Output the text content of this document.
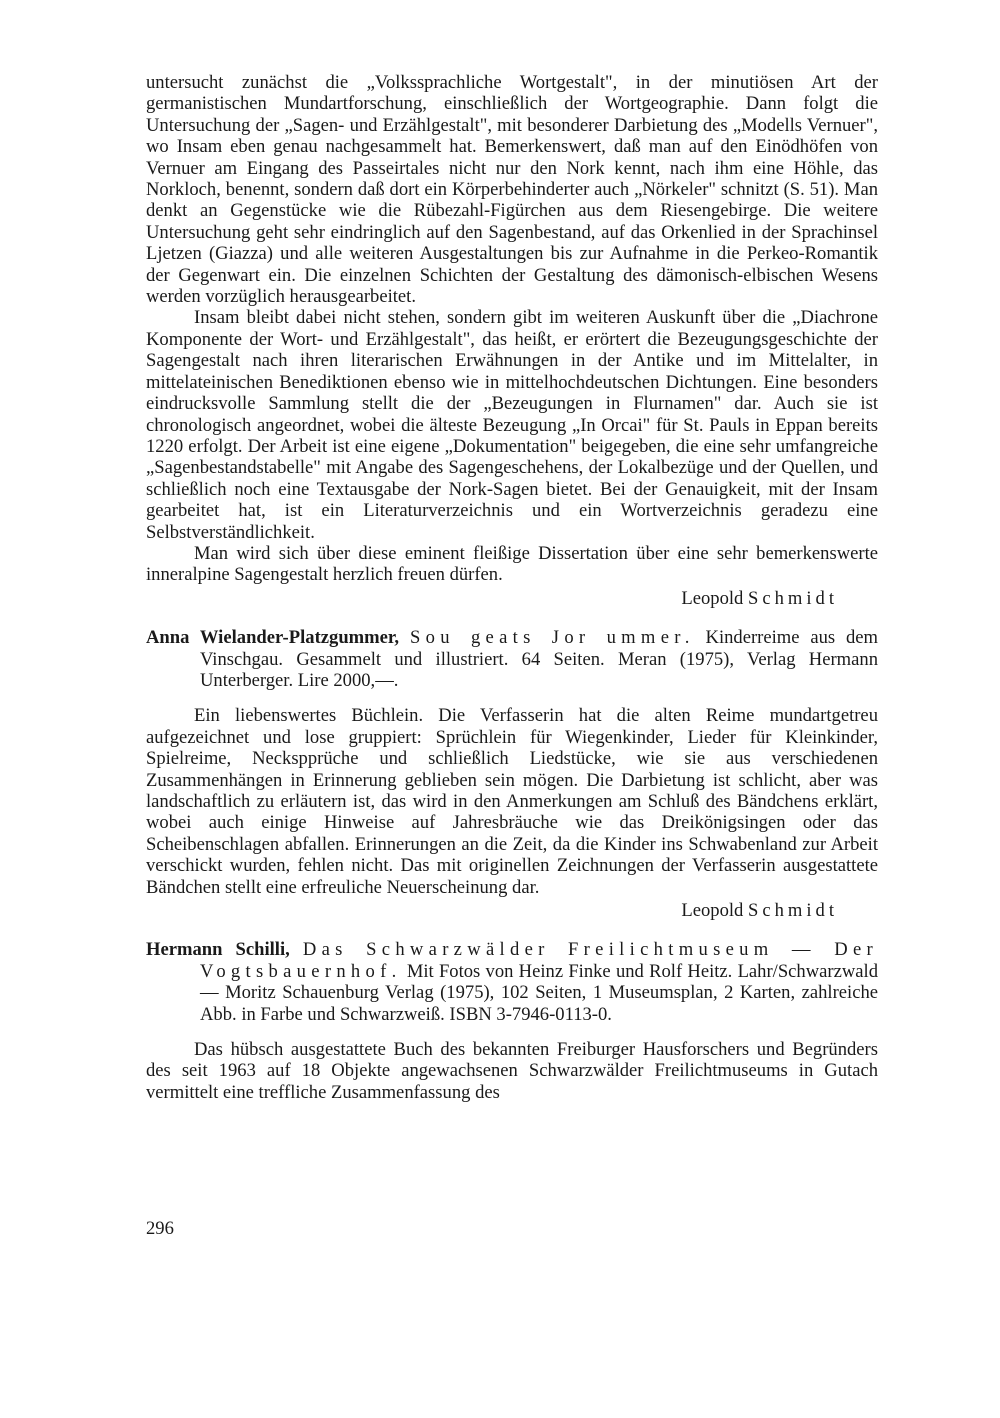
untersucht zunächst die „Volkssprachliche Wortgestalt", in der minutiösen Art der germanistischen Mundartforschung, einschließlich der Wortgeographie. Dann folgt die Untersuchung der „Sagen- und Erzählgestalt", mit besonderer Darbietung des „Modells Vernuer", wo Insam eben genau nachgesammelt hat. Bemerkenswert, daß man auf den Einödhöfen von Vernuer am Eingang des Passeirtales nicht nur den Nork kennt, nach ihm eine Höhle, das Norkloch, benennt, sondern daß dort ein Körperbehinderter auch „Nörkeler" schnitzt (S. 51). Man denkt an Gegenstücke wie die Rübezahl-Figürchen aus dem Riesengebirge. Die weitere Untersuchung geht sehr eindringlich auf den Sagenbestand, auf das Orkenlied in der Sprachinsel Ljetzen (Giazza) und alle weiteren Ausgestaltungen bis zur Aufnahme in die Perkeo-Romantik der Gegenwart ein. Die einzelnen Schichten der Gestaltung des dämonisch-elbischen Wesens werden vorzüglich herausgearbeitet.

Insam bleibt dabei nicht stehen, sondern gibt im weiteren Auskunft über die „Diachrone Komponente der Wort- und Erzählgestalt", das heißt, er erörtert die Bezeugungsgeschichte der Sagengestalt nach ihren literarischen Erwähnungen in der Antike und im Mittelalter, in mittelateinischen Benediktionen ebenso wie in mittelhochdeutschen Dichtungen. Eine besonders eindrucksvolle Sammlung stellt die der „Bezeugungen in Flurnamen" dar. Auch sie ist chronologisch angeordnet, wobei die älteste Bezeugung „In Orcai" für St. Pauls in Eppan bereits 1220 erfolgt. Der Arbeit ist eine eigene „Dokumentation" beigegeben, die eine sehr umfangreiche „Sagenbestandstabelle" mit Angabe des Sagengeschehens, der Lokalbezüge und der Quellen, und schließlich noch eine Textausgabe der Nork-Sagen bietet. Bei der Genauigkeit, mit der Insam gearbeitet hat, ist ein Literaturverzeichnis und ein Wortverzeichnis geradezu eine Selbstverständlichkeit.

Man wird sich über diese eminent fleißige Dissertation über eine sehr bemerkenswerte inneralpine Sagengestalt herzlich freuen dürfen.

Leopold Schmidt

Anna Wielander-Platzgummer, Sou geats Jor ummer. Kinderreime aus dem Vinschgau. Gesammelt und illustriert. 64 Seiten. Meran (1975), Verlag Hermann Unterberger. Lire 2000,—.

Ein liebenswertes Büchlein. Die Verfasserin hat die alten Reime mundartgetreu aufgezeichnet und lose gruppiert: Sprüchlein für Wiegenkinder, Lieder für Kleinkinder, Spielreime, Neckspprüche und schließlich Liedstücke, wie sie aus verschiedenen Zusammenhängen in Erinnerung geblieben sein mögen. Die Darbietung ist schlicht, aber was landschaftlich zu erläutern ist, das wird in den Anmerkungen am Schluß des Bändchens erklärt, wobei auch einige Hinweise auf Jahresbräuche wie das Dreikönigsingen oder das Scheibenschlagen abfallen. Erinnerungen an die Zeit, da die Kinder ins Schwabenland zur Arbeit verschickt wurden, fehlen nicht. Das mit originellen Zeichnungen der Verfasserin ausgestattete Bändchen stellt eine erfreuliche Neuerscheinung dar.

Leopold Schmidt

Hermann Schilli, Das Schwarzwälder Freilichtmuseum — Der Vogtsbauernhof. Mit Fotos von Heinz Finke und Rolf Heitz. Lahr/Schwarzwald — Moritz Schauenburg Verlag (1975), 102 Seiten, 1 Museumsplan, 2 Karten, zahlreiche Abb. in Farbe und Schwarzweiß. ISBN 3-7946-0113-0.

Das hübsch ausgestattete Buch des bekannten Freiburger Hausforschers und Begründers des seit 1963 auf 18 Objekte angewachsenen Schwarzwälder Freilichtmuseums in Gutach vermittelt eine treffliche Zusammenfassung des

296
